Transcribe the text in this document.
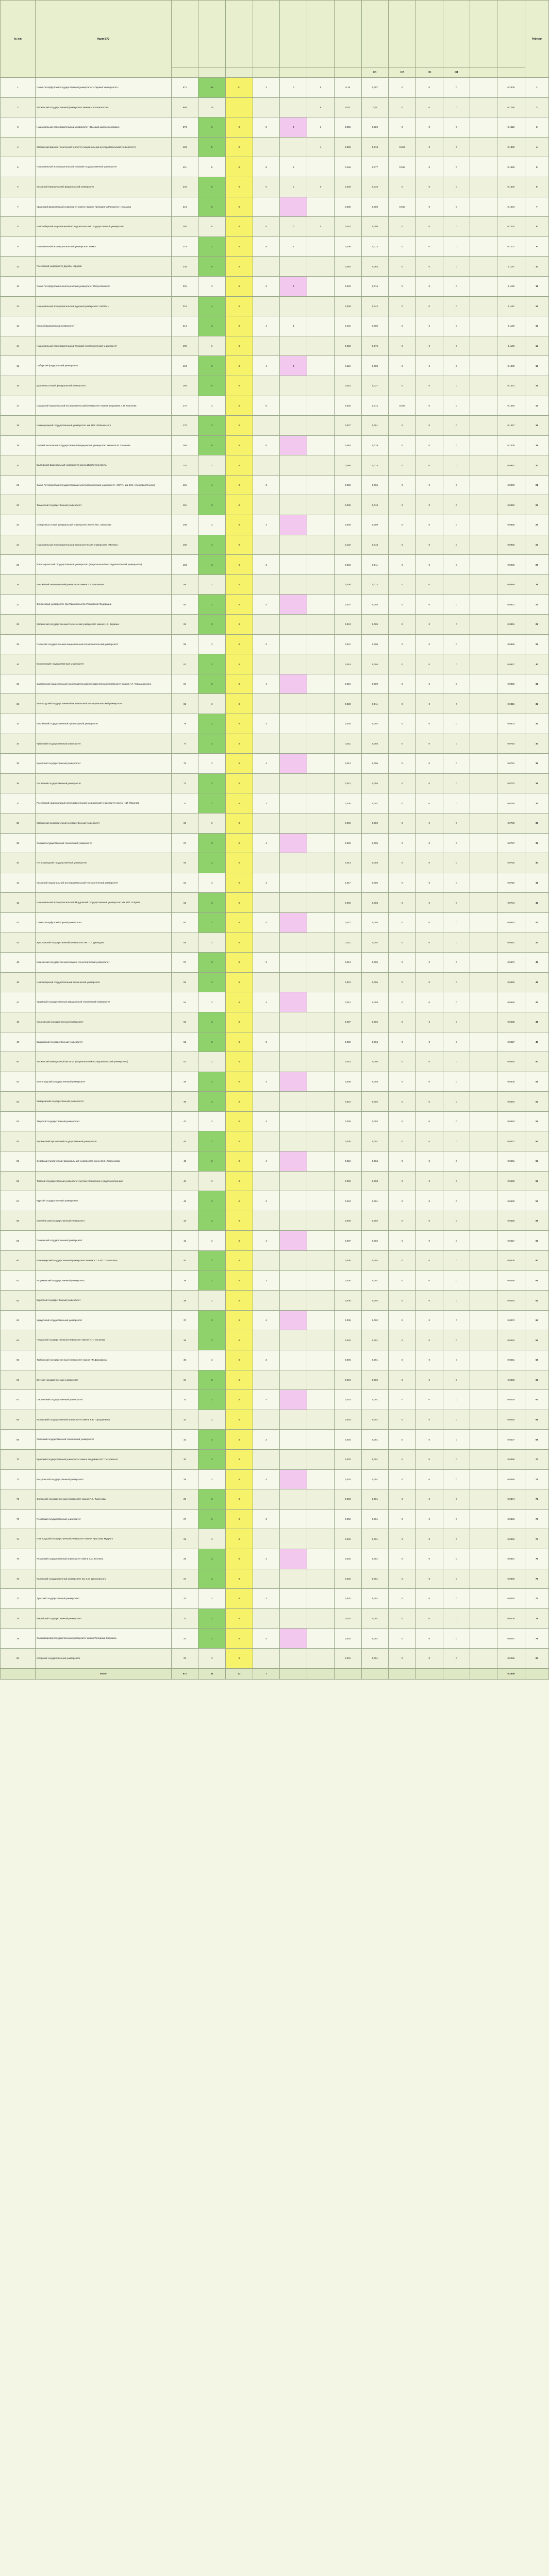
№ п/п	Наим ВУЗ														Рейтинг
									H1	H2	H3	H4			
1	Санкт-Петербургский государственный университет «Первый Университет»	671	61	21	3	0	5	0,18	0,087	0	0	0		0,2306	1
2	Московский государственный университет имени М.В.Ломоносова	889	18				8	0,03	0,05	0	0	0		0,1786	2
3	Национальный исследовательский университет «Высшая школа экономики»	578	6	8	8	4	1	0,056	0,026	0	0	0		0,1512	3
4	Московский физико-технический институт (национальный исследовательский университет)	428	5	8			4	0,086	0,018	0,014	0	0		0,1389	4
5	Национальный исследовательский Томский государственный университет	411	8	8	8	8		0,146	0,077	0,018	0	0		0,1369	5
6	Казанский (Приволжский) федеральный университет	334	5	8	5	0	0	0,028	0,034	0	0	0		0,1305	6
7	Уральский федеральный университет имени первого Президента России Б.Н. Ельцина	313	8	8				0,089	0,006	0,016	0	0		0,1284	7
8	Новосибирский национальный исследовательский государственный университет	280	6	8	5	0	0	0,024	0,008	0	0	0		0,1234	8
9	Национальный исследовательский университет ИТМО	279	3	8	8	4		0,009	0,013	0	0	0		0,1207	9
10	Российский университет дружбы народов	239	5	8				0,064	0,064	0	0	0		0,1167	10
11	Санкт-Петербургский политехнический университет Петра Великого	231	3	8	3	3		0,033	0,014	0	0	0		0,1156	11
12	Национальный исследовательский ядерный университет «МИФИ»	218	4	8				0,038	0,042	0	0	0		0,1141	12
13	Южный федеральный университет	214	3	8	4	4		0,101	0,005	0	0	0		0,1130	13
14	Национальный исследовательский Томский политехнический университет	199	6	8				0,022	0,075	0	0	0		0,1100	14
15	Сибирский федеральный университет	194	3	8	4	4		0,119	0,008	0	0	0		0,1089	15
16	Дальневосточный федеральный университет	186	5	8				0,052	0,027	0	0	0		0,1072	16
17	Самарский национальный исследовательский университет имени академика С.П. Королева	172	3	8	8			0,026	0,012	0,018	0	0		0,1040	17
18	Нижегородский государственный университет им. Н.И. Лобачевского	170	3	8				0,027	0,061	0	0	0		0,1027	18
19	Первый Московский государственный медицинский университет имени И.М. Сеченова	165	5	8	5			0,064	0,019	0	0	0		0,1006	19
20	Балтийский федеральный университет имени Иммануила Канта	142	3	8				0,086	0,014	0	0	0		0,0991	20
21	Санкт-Петербургский государственный электротехнический университет «ЛЭТИ» им. В.И. Ульянова (Ленина)	121	4	8	3			0,029	0,006	0	0	0		0,0969	21
22	Тюменский государственный университет	115	3	8				0,009	0,018	0	0	0		0,0952	22
23	Северо-Восточный федеральный университет имени М.К. Аммосова	108	3	8	4			0,006	0,009	0	0	0		0,0938	23
24	Национальный исследовательский технологический университет «МИСиС»	106	4	8				0,102	0,018	0	0	0		0,0925	24
25	Южно-Уральский государственный университет (национальный исследовательский университет)	103	3	8	3			0,048	0,011	0	0	0		0,0906	25
26	Российский экономический университет имени Г.В. Плеханова	99	3	8				0,005	0,012	0	0	0		0,0889	26
27	Финансовый университет при Правительстве Российской Федерации	94	3	8	4			0,007	0,003	0	0	0		0,0872	27
28	Московский государственный технический университет имени Н.Э. Баумана	91	3	8				0,034	0,005	0	0	0		0,0861	28
29	Пермский государственный национальный исследовательский университет	89	3	8	3			0,021	0,008	0	0	0		0,0848	29
30	Воронежский государственный университет	87	3	8				0,019	0,004	0	0	0		0,0837	30
31	Саратовский национальный исследовательский государственный университет имени Н.Г. Чернышевского	84	3	8	4			0,016	0,009	0	0	0		0,0826	31
32	Белгородский государственный национальный исследовательский университет	82	3	8				0,023	0,011	0	0	0		0,0815	32
33	Российский государственный гуманитарный университет	79	3	8	3			0,004	0,002	0	0	0		0,0803	33
34	Кубанский государственный университет	77	3	8				0,011	0,003	0	0	0		0,0792	34
35	Иркутский государственный университет	75	3	8	4			0,014	0,006	0	0	0		0,0781	35
36	Алтайский государственный университет	73	3	8				0,012	0,004	0	0	0		0,0770	36
37	Российский национальный исследовательский медицинский университет имени Н.И. Пирогова	71	3	8	3			0,038	0,007	0	0	0		0,0759	37
38	Московский педагогический государственный университет	69	3	8				0,006	0,002	0	0	0		0,0748	38
39	Омский государственный технический университет	67	3	8	4			0,009	0,005	0	0	0		0,0737	39
40	Петрозаводский государственный университет	65	3	8				0,013	0,004	0	0	0		0,0726	40
41	Казанский национальный исследовательский технологический университет	63	3	8	3			0,017	0,006	0	0	0		0,0715	41
42	Национальный исследовательский Мордовский государственный университет им. Н.П. Огарёва	62	3	8				0,008	0,003	0	0	0		0,0704	42
43	Санкт-Петербургский горный университет	60	3	8	4			0,021	0,004	0	0	0		0,0693	43
44	Ярославский государственный университет им. П.Г. Демидова	59	3	8				0,011	0,002	0	0	0		0,0682	44
45	Ивановский государственный химико-технологический университет	57	3	8	3			0,014	0,005	0	0	0		0,0671	45
46	Новосибирский государственный технический университет	56	3	8				0,019	0,006	0	0	0		0,0660	46
47	Уфимский государственный авиационный технический университет	54	3	8	4			0,012	0,003	0	0	0		0,0649	47
48	Ульяновский государственный университет	53	3	8				0,007	0,002	0	0	0		0,0638	48
49	Башкирский государственный университет	52	3	8	3			0,009	0,004	0	0	0		0,0627	49
50	Московский авиационный институт (национальный исследовательский университет)	51	3	8				0,015	0,005	0	0	0		0,0616	50
51	Волгоградский государственный университет	49	3	8	4			0,008	0,003	0	0	0		0,0605	51
52	Кемеровский государственный университет	48	3	8				0,010	0,002	0	0	0		0,0594	52
53	Тверской государственный университет	47	3	8	3			0,006	0,002	0	0	0		0,0583	53
54	Мурманский арктический государственный университет	46	3	8				0,005	0,001	0	0	0		0,0572	54
55	Северный (Арктический) федеральный университет имени М.В. Ломоносова	45	3	8	4			0,012	0,004	0	0	0		0,0561	55
56	Томский государственный университет систем управления и радиоэлектроники	44	3	8				0,009	0,003	0	0	0		0,0550	56
57	Курский государственный университет	43	3	8	3			0,004	0,001	0	0	0		0,0539	57
58	Оренбургский государственный университет	42	3	8				0,006	0,002	0	0	0		0,0528	58
59	Пензенский государственный университет	41	3	8	4			0,007	0,002	0	0	0		0,0517	59
60	Владимирский государственный университет имени А.Г. и Н.Г. Столетовых	40	3	8				0,005	0,002	0	0	0		0,0506	60
61	Астраханский государственный университет	39	3	8	3			0,004	0,001	0	0	0		0,0495	61
62	Бурятский государственный университет	38	3	8				0,006	0,002	0	0	0		0,0484	62
63	Удмуртский государственный университет	37	3	8	4			0,005	0,002	0	0	0		0,0473	63
64	Чувашский государственный университет имени И.Н. Ульянова	36	3	8				0,004	0,001	0	0	0		0,0462	64
65	Тамбовский государственный университет имени Г.Р. Державина	35	3	8	3			0,005	0,001	0	0	0		0,0451	65
66	Вятский государственный университет	34	3	8				0,004	0,002	0	0	0		0,0440	66
67	Смоленский государственный университет	33	3	8	4			0,003	0,001	0	0	0		0,0429	67
68	Калмыцкий государственный университет имени Б.Б. Городовикова	32	3	8				0,003	0,001	0	0	0		0,0418	68
69	Липецкий государственный технический университет	31	3	8	3			0,004	0,001	0	0	0		0,0407	69
70	Брянский государственный университет имени академика И.Г. Петровского	30	3	8				0,003	0,001	0	0	0		0,0396	70
71	Костромской государственный университет	29	3	8	4			0,003	0,001	0	0	0		0,0385	71
72	Орловский государственный университет имени И.С. Тургенева	28	3	8				0,003	0,001	0	0	0		0,0374	72
73	Псковский государственный университет	27	3	8	3			0,002	0,001	0	0	0		0,0363	73
74	Новгородский государственный университет имени Ярослава Мудрого	26	3	8				0,002	0,001	0	0	0		0,0352	74
75	Рязанский государственный университет имени С.А. Есенина	25	3	8	4			0,002	0,001	0	0	0		0,0341	75
76	Калужский государственный университет им. К.Э. Циолковского	24	3	8				0,002	0,001	0	0	0		0,0330	76
77	Тульский государственный университет	23	3	8	3			0,002	0,001	0	0	0		0,0319	77
78	Марийский государственный университет	22	3	8				0,002	0,001	0	0	0		0,0308	78
79	Сыктывкарский государственный университет имени Питирима Сорокина	21	3	8	4			0,002	0,001	0	0	0		0,0297	79
80	Югорский государственный университет	20	3	8				0,001	0,001	0	0	0		0,0286	80
	Итого	871	31	23	7									0,2306	
